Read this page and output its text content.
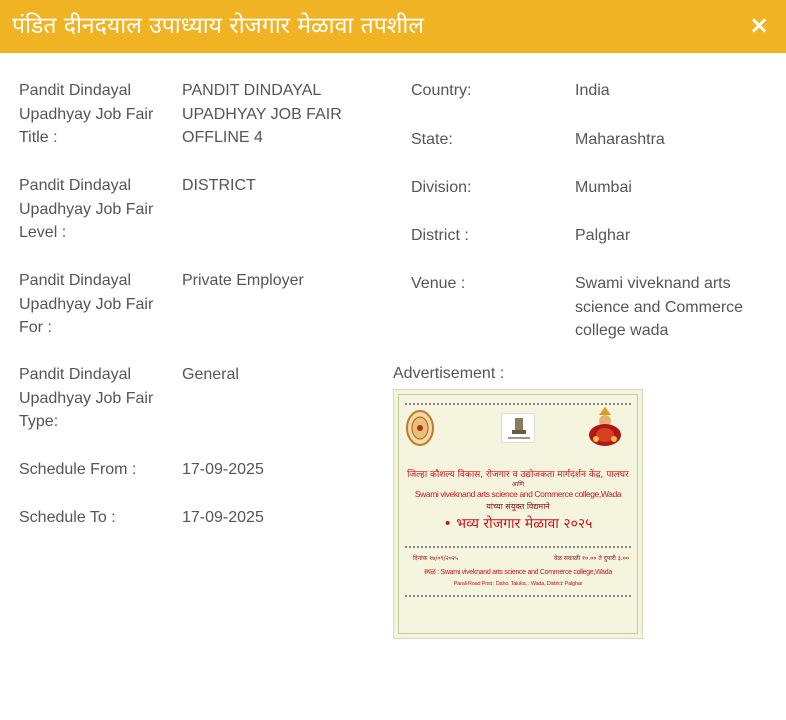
पंडित दीनदयाल उपाध्याय रोजगार मेळावा तपशील	×
Pandit Dindayal Upadhyay Job Fair Title :
PANDIT DINDAYAL UPADHYAY JOB FAIR OFFLINE 4
Pandit Dindayal Upadhyay Job Fair Level :
DISTRICT
Pandit Dindayal Upadhyay Job Fair For :
Private Employer
Pandit Dindayal Upadhyay Job Fair Type:
General
Schedule From :	17-09-2025
Schedule To :	17-09-2025
Country:	India
State:	Maharashtra
Division:	Mumbai
District :	Palghar
Venue :	Swami viveknand arts science and Commerce college wada
Advertisement :
जिल्हा कौशल्य विकास, रोजगार व उद्योजकता मार्गदर्शन केंद्र, पालघर
आणि
Swami viveknand arts science and Commerce college,Wada
यांच्या संयुक्त विद्यमाने
• भव्य रोजगार मेळावा २०२५
दिनांक १७/०९/२०२५	वेळ सकाळी १०.०० ते दुपारी ३.००
स्थळ : Swami viveknand arts science and Commerce college,Wada
Parali Road Post : Daho, Taluka, : Wada, District: Palghar
